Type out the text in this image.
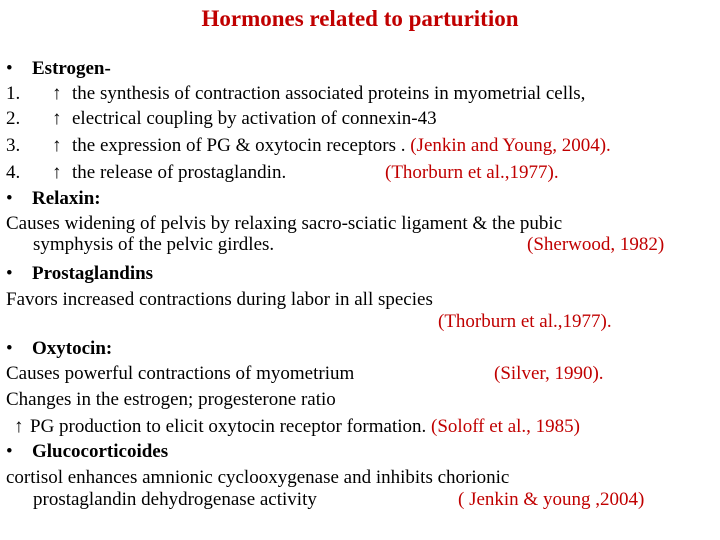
Hormones related to parturition
• Estrogen-
1. ↑ the synthesis of contraction associated proteins in myometrial cells,
2. ↑ electrical coupling by activation of connexin-43
3. ↑ the expression of PG & oxytocin receptors . (Jenkin and Young, 2004).
4. ↑ the release of prostaglandin.	(Thorburn et al.,1977).
• Relaxin:
Causes widening of pelvis by relaxing sacro-sciatic ligament & the pubic
symphysis of the pelvic girdles.	(Sherwood, 1982)
• Prostaglandins
Favors increased contractions during labor in all species
(Thorburn et al.,1977).
• Oxytocin:
Causes powerful contractions of myometrium	(Silver, 1990).
Changes in the estrogen; progesterone ratio
↑ PG production to elicit oxytocin receptor formation. (Soloff et al., 1985)
• Glucocorticoides
cortisol enhances amnionic cyclooxygenase and inhibits chorionic
prostaglandin dehydrogenase activity	( Jenkin & young ,2004)
